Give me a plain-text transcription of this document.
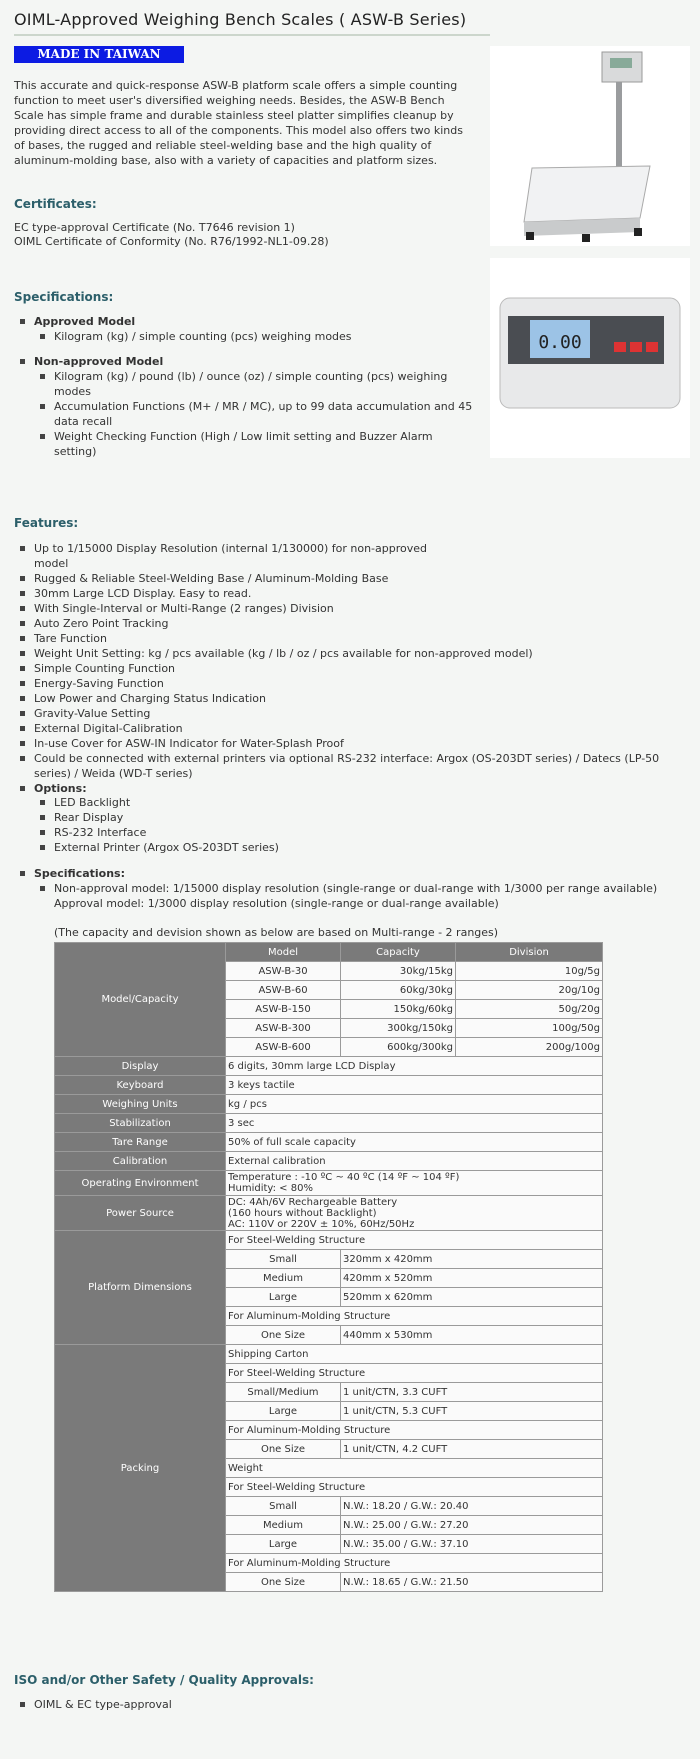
OIML-Approved Weighing Bench Scales ( ASW-B Series)
MADE IN TAIWAN
This accurate and quick-response ASW-B platform scale offers a simple counting function to meet user's diversified weighing needs. Besides, the ASW-B Bench Scale has simple frame and durable stainless steel platter simplifies cleanup by providing direct access to all of the components. This model also offers two kinds of bases, the rugged and reliable steel-welding base and the high quality of aluminum-molding base, also with a variety of capacities and platform sizes.
0.00
Certificates:
EC type-approval Certificate (No. T7646 revision 1)
OIML Certificate of Conformity (No. R76/1992-NL1-09.28)
Specifications:
Approved Model
Kilogram (kg) / simple counting (pcs) weighing modes
Non-approved Model
Kilogram (kg) / pound (lb) / ounce (oz) / simple counting (pcs) weighing modes
Accumulation Functions (M+ / MR / MC), up to 99 data accumulation and 45 data recall
Weight Checking Function (High / Low limit setting and Buzzer Alarm setting)
Features:
Up to 1/15000 Display Resolution (internal 1/130000) for non-approved model
Rugged & Reliable Steel-Welding Base / Aluminum-Molding Base
30mm Large LCD Display. Easy to read.
With Single-Interval or Multi-Range (2 ranges) Division
Auto Zero Point Tracking
Tare Function
Weight Unit Setting: kg / pcs available (kg / lb / oz / pcs available for non-approved model)
Simple Counting Function
Energy-Saving Function
Low Power and Charging Status Indication
Gravity-Value Setting
External Digital-Calibration
In-use Cover for ASW-IN Indicator for Water-Splash Proof
Could be connected with external printers via optional RS-232 interface: Argox (OS-203DT series) / Datecs (LP-50 series) / Weida (WD-T series)
Options:
LED Backlight
Rear Display
RS-232 Interface
External Printer (Argox OS-203DT series)
Specifications:
Non-approval model: 1/15000 display resolution (single-range or dual-range with 1/3000 per range available)
Approval model: 1/3000 display resolution (single-range or dual-range available)
(The capacity and devision shown as below are based on Multi-range - 2 ranges)
Model/Capacity	Model	Capacity	Division
	ASW-B-30	30kg/15kg	10g/5g
	ASW-B-60	60kg/30kg	20g/10g
	ASW-B-150	150kg/60kg	50g/20g
	ASW-B-300	300kg/150kg	100g/50g
	ASW-B-600	600kg/300kg	200g/100g
Display	6 digits, 30mm large LCD Display		
Keyboard	3 keys tactile		
Weighing Units	kg / pcs		
Stabilization	3 sec		
Tare Range	50% of full scale capacity		
Calibration	External calibration		
Operating Environment	Temperature : -10 ºC ~ 40 ºC (14 ºF ~ 104 ºF)
Humidity: < 80%		

Power Source	DC: 4Ah/6V Rechargeable Battery
(160 hours without Backlight)
AC: 110V or 220V ± 10%, 60Hz/50Hz		

Platform Dimensions	For Steel-Welding Structure		
	Small	320mm x 420mm	
	Medium	420mm x 520mm	
	Large	520mm x 620mm	
	For Aluminum-Molding Structure		
	One Size	440mm x 530mm	
Packing	Shipping Carton		
	For Steel-Welding Structure		
	Small/Medium	1 unit/CTN, 3.3 CUFT	
	Large	1 unit/CTN, 5.3 CUFT	
	For Aluminum-Molding Structure		
	One Size	1 unit/CTN, 4.2 CUFT	
	Weight		
	For Steel-Welding Structure		
	Small	N.W.: 18.20 / G.W.: 20.40	
	Medium	N.W.: 25.00 / G.W.: 27.20	
	Large	N.W.: 35.00 / G.W.: 37.10	
	For Aluminum-Molding Structure		
	One Size	N.W.: 18.65 / G.W.: 21.50	
ISO and/or Other Safety / Quality Approvals:
OIML & EC type-approval
